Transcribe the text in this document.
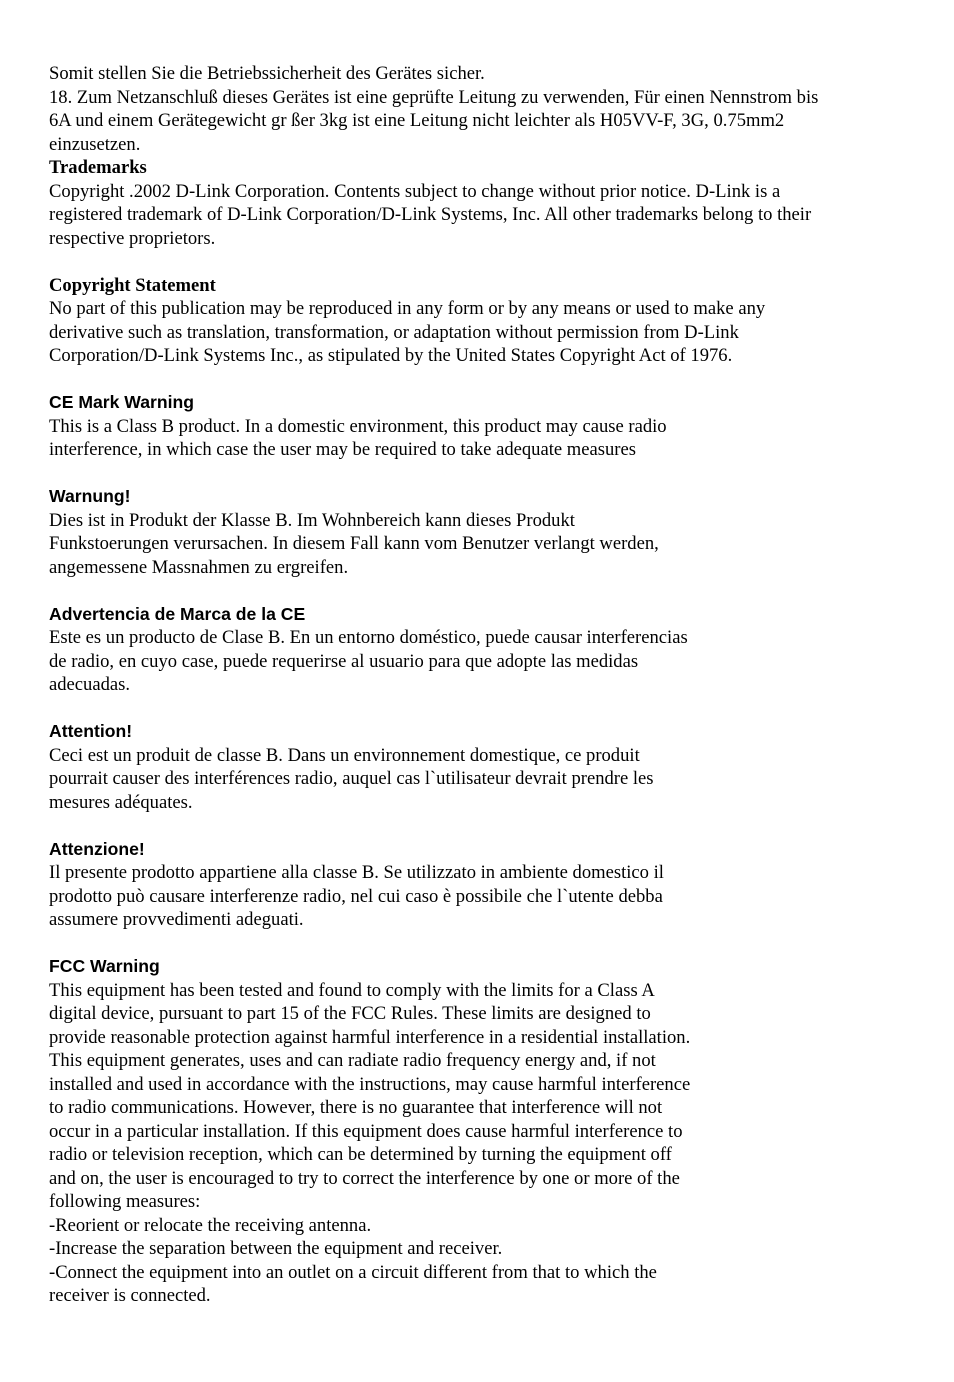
Somit stellen Sie die Betriebssicherheit des Gerätes sicher.
18. Zum Netzanschluß dieses Gerätes ist eine geprüfte Leitung zu verwenden, Für einen Nennstrom bis
6A und einem Gerätegewicht gr ßer 3kg ist eine Leitung nicht leichter als H05VV-F, 3G, 0.75mm2
einzusetzen.
Trademarks
Copyright .2002 D-Link Corporation. Contents subject to change without prior notice. D-Link is a
registered trademark of D-Link Corporation/D-Link Systems, Inc. All other trademarks belong to their
respective proprietors.
Copyright Statement
No part of this publication may be reproduced in any form or by any means or used to make any
derivative such as translation, transformation, or adaptation without permission from D-Link
Corporation/D-Link Systems Inc., as stipulated by the United States Copyright Act of 1976.
CE Mark Warning
This is a Class B product. In a domestic environment, this product may cause radio
interference, in which case the user may be required to take adequate measures
Warnung!
Dies ist in Produkt der Klasse B. Im Wohnbereich kann dieses Produkt
Funkstoerungen verursachen. In diesem Fall kann vom Benutzer verlangt werden,
angemessene Massnahmen zu ergreifen.
Advertencia de Marca de la CE
Este es un producto de Clase B. En un entorno doméstico, puede causar interferencias
de radio, en cuyo case, puede requerirse al usuario para que adopte las medidas
adecuadas.
Attention!
Ceci est un produit de classe B. Dans un environnement domestique, ce produit
pourrait causer des interférences radio, auquel cas l`utilisateur devrait prendre les
mesures adéquates.
Attenzione!
Il presente prodotto appartiene alla classe B. Se utilizzato in ambiente domestico il
prodotto può causare interferenze radio, nel cui caso è possibile che l`utente debba
assumere provvedimenti adeguati.
FCC Warning
This equipment has been tested and found to comply with the limits for a Class A
digital device, pursuant to part 15 of the FCC Rules. These limits are designed to
provide reasonable protection against harmful interference in a residential installation.
This equipment generates, uses and can radiate radio frequency energy and, if not
installed and used in accordance with the instructions, may cause harmful interference
to radio communications. However, there is no guarantee that interference will not
occur in a particular installation. If this equipment does cause harmful interference to
radio or television reception, which can be determined by turning the equipment off
and on, the user is encouraged to try to correct the interference by one or more of the
following measures:
-Reorient or relocate the receiving antenna.
-Increase the separation between the equipment and receiver.
-Connect the equipment into an outlet on a circuit different from that to which the
receiver is connected.
